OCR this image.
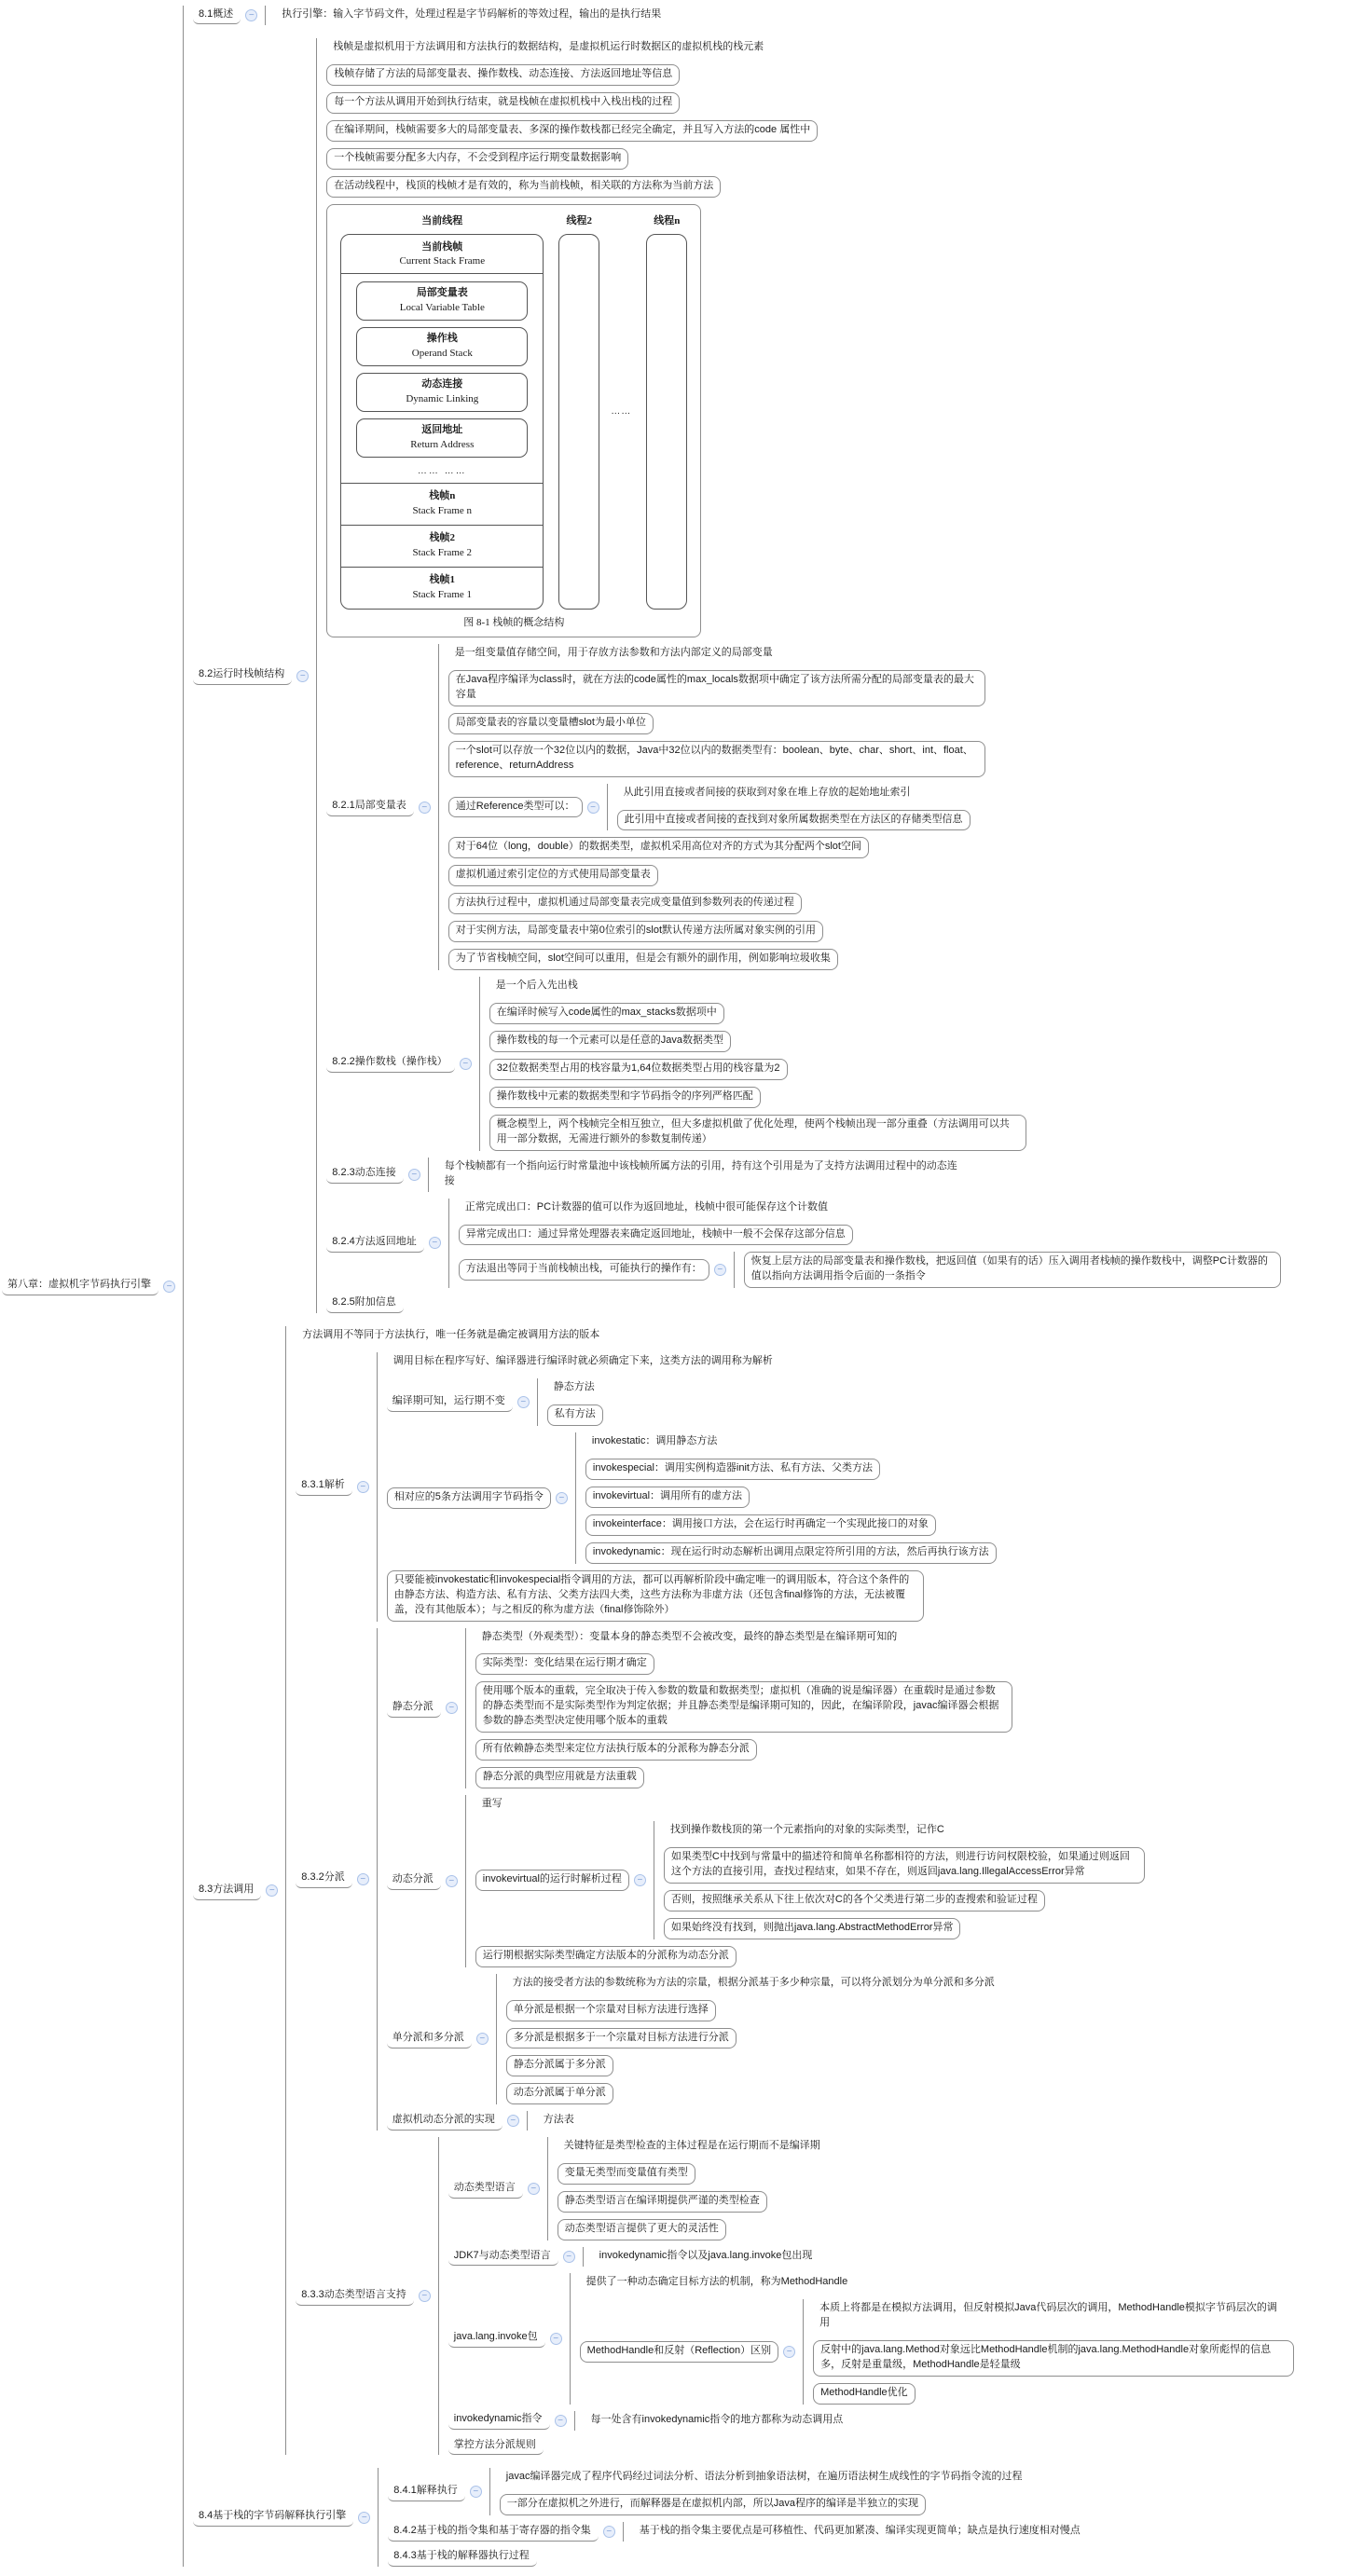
第八章：虚拟机字节码执行引擎	−
8.1概述	−	执行引擎：输入字节码文件，处理过程是字节码解析的等效过程，输出的是执行结果
8.2运行时栈帧结构	−
栈帧是虚拟机用于方法调用和方法执行的数据结构，是虚拟机运行时数据区的虚拟机栈的栈元素
栈帧存储了方法的局部变量表、操作数栈、动态连接、方法返回地址等信息
每一个方法从调用开始到执行结束，就是栈帧在虚拟机栈中入栈出栈的过程
在编译期间，栈帧需要多大的局部变量表、多深的操作数栈都已经完全确定，并且写入方法的code 属性中
一个栈帧需要分配多大内存，不会受到程序运行期变量数据影响
在活动线程中，栈顶的栈帧才是有效的，称为当前栈帧，相关联的方法称为当前方法
当前线程
当前栈帧
Current Stack Frame
局部变量表
Local Variable Table
操作栈
Operand Stack
动态连接
Dynamic Linking
返回地址
Return Address
…… ……
栈帧n
Stack Frame n
栈帧2
Stack Frame 2
栈帧1
Stack Frame 1
线程2
……
线程n
图 8-1 栈帧的概念结构
8.2.1局部变量表	−
是一组变量值存储空间，用于存放方法参数和方法内部定义的局部变量
在Java程序编译为class时，就在方法的code属性的max_locals数据项中确定了该方法所需分配的局部变量表的最大容量
局部变量表的容量以变量槽slot为最小单位
一个slot可以存放一个32位以内的数据，Java中32位以内的数据类型有：boolean、byte、char、short、int、float、reference、returnAddress
通过Reference类型可以：	−
从此引用直接或者间接的获取到对象在堆上存放的起始地址索引
此引用中直接或者间接的查找到对象所属数据类型在方法区的存储类型信息
对于64位（long，double）的数据类型，虚拟机采用高位对齐的方式为其分配两个slot空间
虚拟机通过索引定位的方式使用局部变量表
方法执行过程中，虚拟机通过局部变量表完成变量值到参数列表的传递过程
对于实例方法，局部变量表中第0位索引的slot默认传递方法所属对象实例的引用
为了节省栈帧空间，slot空间可以重用，但是会有额外的副作用，例如影响垃圾收集
8.2.2操作数栈（操作栈）	−
是一个后入先出栈
在编译时候写入code属性的max_stacks数据项中
操作数栈的每一个元素可以是任意的Java数据类型
32位数据类型占用的栈容量为1,64位数据类型占用的栈容量为2
操作数栈中元素的数据类型和字节码指令的序列严格匹配
概念模型上，两个栈帧完全相互独立，但大多虚拟机做了优化处理，使两个栈帧出现一部分重叠（方法调用可以共用一部分数据，无需进行额外的参数复制传递）
8.2.3动态连接	−
每个栈帧都有一个指向运行时常量池中该栈帧所属方法的引用，持有这个引用是为了支持方法调用过程中的动态连接
8.2.4方法返回地址	−
正常完成出口：PC计数器的值可以作为返回地址，栈帧中很可能保存这个计数值
异常完成出口：通过异常处理器表来确定返回地址，栈帧中一般不会保存这部分信息
方法退出等同于当前栈帧出栈，可能执行的操作有：	−
恢复上层方法的局部变量表和操作数栈，把返回值（如果有的话）压入调用者栈帧的操作数栈中，调整PC计数器的值以指向方法调用指令后面的一条指令
8.2.5附加信息
8.3方法调用	−
方法调用不等同于方法执行，唯一任务就是确定被调用方法的版本
8.3.1解析	−
调用目标在程序写好、编译器进行编译时就必须确定下来，这类方法的调用称为解析
编译期可知，运行期不变	−
静态方法
私有方法
相对应的5条方法调用字节码指令	−
invokestatic：调用静态方法
invokespecial：调用实例构造器init方法、私有方法、父类方法
invokevirtual：调用所有的虚方法
invokeinterface：调用接口方法，会在运行时再确定一个实现此接口的对象
invokedynamic：现在运行时动态解析出调用点限定符所引用的方法，然后再执行该方法
只要能被invokestatic和invokespecial指令调用的方法，都可以再解析阶段中确定唯一的调用版本，符合这个条件的由静态方法、构造方法、私有方法、父类方法四大类，这些方法称为非虚方法（还包含final修饰的方法，无法被覆盖，没有其他版本）；与之相反的称为虚方法（final修饰除外）
8.3.2分派	−
静态分派	−
静态类型（外观类型）：变量本身的静态类型不会被改变，最终的静态类型是在编译期可知的
实际类型：变化结果在运行期才确定
使用哪个版本的重载，完全取决于传入参数的数量和数据类型；虚拟机（准确的说是编译器）在重载时是通过参数的静态类型而不是实际类型作为判定依据；并且静态类型是编译期可知的，因此，在编译阶段，javac编译器会根据参数的静态类型决定使用哪个版本的重载
所有依赖静态类型来定位方法执行版本的分派称为静态分派
静态分派的典型应用就是方法重载
动态分派	−
重写
invokevirtual的运行时解析过程	−
找到操作数栈顶的第一个元素指向的对象的实际类型，记作C
如果类型C中找到与常量中的描述符和简单名称都相符的方法，则进行访问权限校验，如果通过则返回这个方法的直接引用，查找过程结束，如果不存在，则返回java.lang.IllegalAccessError异常
否则，按照继承关系从下往上依次对C的各个父类进行第二步的查搜索和验证过程
如果始终没有找到，则抛出java.lang.AbstractMethodError异常
运行期根据实际类型确定方法版本的分派称为动态分派
单分派和多分派	−
方法的接受者方法的参数统称为方法的宗量，根据分派基于多少种宗量，可以将分派划分为单分派和多分派
单分派是根据一个宗量对目标方法进行选择
多分派是根据多于一个宗量对目标方法进行分派
静态分派属于多分派
动态分派属于单分派
虚拟机动态分派的实现	−	方法表
8.3.3动态类型语言支持	−
动态类型语言	−
关键特征是类型检查的主体过程是在运行期而不是编译期
变量无类型而变量值有类型
静态类型语言在编译期提供严谨的类型检查
动态类型语言提供了更大的灵活性
JDK7与动态类型语言	−	invokedynamic指令以及java.lang.invoke包出现
java.lang.invoke包	−
提供了一种动态确定目标方法的机制，称为MethodHandle
MethodHandle和反射（Reflection）区别	−
本质上将都是在模拟方法调用，但反射模拟Java代码层次的调用，MethodHandle模拟字节码层次的调用
反射中的java.lang.Method对象远比MethodHandle机制的java.lang.MethodHandle对象所彪悍的信息多，反射是重量级，MethodHandle是轻量级
MethodHandle优化
invokedynamic指令	−	每一处含有invokedynamic指令的地方都称为动态调用点
掌控方法分派规则
8.4基于栈的字节码解释执行引擎	−
8.4.1解释执行	−
javac编译器完成了程序代码经过词法分析、语法分析到抽象语法树，在遍历语法树生成线性的字节码指令流的过程
一部分在虚拟机之外进行，而解释器是在虚拟机内部，所以Java程序的编译是半独立的实现
8.4.2基于栈的指令集和基于寄存器的指令集	−	基于栈的指令集主要优点是可移植性、代码更加紧凑、编译实现更简单；缺点是执行速度相对慢点
8.4.3基于栈的解释器执行过程
